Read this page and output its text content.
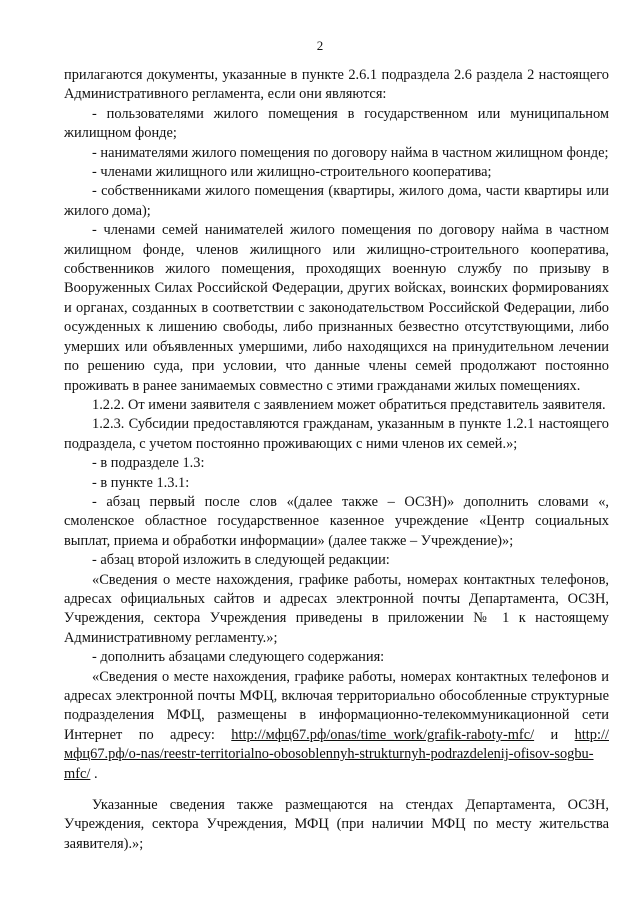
2

прилагаются документы, указанные в пункте 2.6.1 подраздела 2.6 раздела 2 настоящего Административного регламента, если они являются:

- пользователями жилого помещения в государственном или муниципальном жилищном фонде;

- нанимателями жилого помещения по договору найма в частном жилищном фонде;

- членами жилищного или жилищно-строительного кооператива;

- собственниками жилого помещения (квартиры, жилого дома, части квартиры или жилого дома);

- членами семей нанимателей жилого помещения по договору найма в частном жилищном фонде, членов жилищного или жилищно-строительного кооператива, собственников жилого помещения, проходящих военную службу по призыву в Вооруженных Силах Российской Федерации, других войсках, воинских формированиях и органах, созданных в соответствии с законодательством Российской Федерации, либо осужденных к лишению свободы, либо признанных безвестно отсутствующими, либо умерших или объявленных умершими, либо находящихся на принудительном лечении по решению суда, при условии, что данные члены семей продолжают постоянно проживать в ранее занимаемых совместно с этими гражданами жилых помещениях.

1.2.2. От имени заявителя с заявлением может обратиться представитель заявителя.

1.2.3. Субсидии предоставляются гражданам, указанным в пункте 1.2.1 настоящего подраздела, с учетом постоянно проживающих с ними членов их семей.»;

- в подразделе 1.3:

- в пункте 1.3.1:

- абзац первый после слов «(далее также – ОСЗН)» дополнить словами «, смоленское областное государственное казенное учреждение «Центр социальных выплат, приема и обработки информации» (далее также – Учреждение)»;

- абзац второй изложить в следующей редакции:

«Сведения о месте нахождения, графике работы, номерах контактных телефонов, адресах официальных сайтов и адресах электронной почты Департамента, ОСЗН, Учреждения, сектора Учреждения приведены в приложении № 1 к настоящему Административному регламенту.»;

- дополнить абзацами следующего содержания:

«Сведения о месте нахождения, графике работы, номерах контактных телефонов и адресах электронной почты МФЦ, включая территориально обособленные структурные подразделения МФЦ, размещены в информационно-телекоммуникационной сети Интернет по адресу: http://мфц67.рф/onas/time_work/grafik-raboty-mfc/ и http://мфц67.рф/o-nas/reestr-territorialno-obosoblennyh-strukturnyh-podrazdelenij-ofisov-sogbu-mfc/ .

Указанные сведения также размещаются на стендах Департамента, ОСЗН, Учреждения, сектора Учреждения, МФЦ (при наличии МФЦ по месту жительства заявителя).»;
